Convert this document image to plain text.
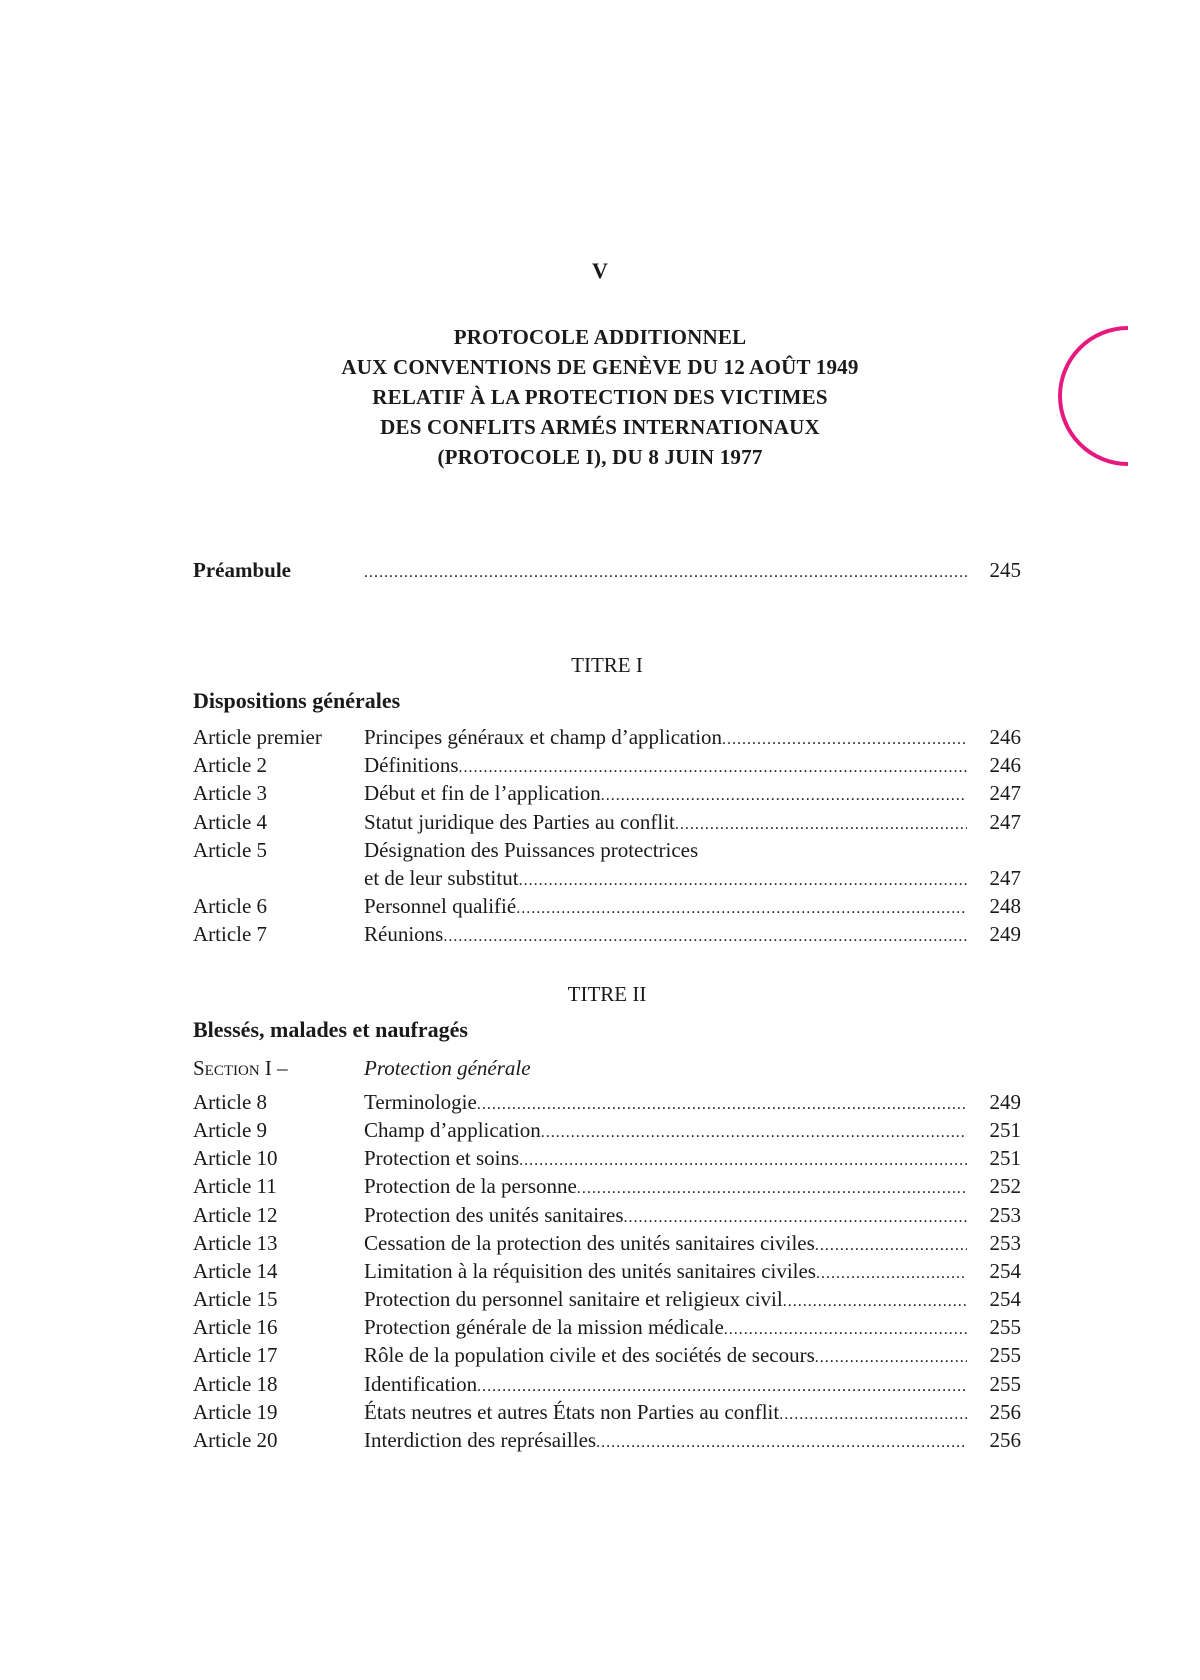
V
PROTOCOLE ADDITIONNEL
AUX CONVENTIONS DE GENÈVE DU 12 AOÛT 1949
RELATIF À LA PROTECTION DES VICTIMES
DES CONFLITS ARMÉS INTERNATIONAUX
(PROTOCOLE I), DU 8 JUIN 1977
Préambule .....	245
TITRE I
Dispositions générales
Article premier Principes généraux et champ d’application .....	246
Article 2	Définitions .....	246
Article 3	Début et fin de l’application .....	247
Article 4	Statut juridique des Parties au conflit .....	247
Article 5	Désignation des Puissances protectrices
et de leur substitut .....	247
Article 6	Personnel qualifié .....	248
Article 7	Réunions .....	249
TITRE II
Blessés, malades et naufragés
Section I –	Protection générale
Article 8	Terminologie .....	249
Article 9	Champ d’application .....	251
Article 10	Protection et soins .....	251
Article 11	Protection de la personne .....	252
Article 12	Protection des unités sanitaires .....	253
Article 13	Cessation de la protection des unités sanitaires civiles .....	253
Article 14	Limitation à la réquisition des unités sanitaires civiles .....	254
Article 15	Protection du personnel sanitaire et religieux civil .....	254
Article 16	Protection générale de la mission médicale .....	255
Article 17	Rôle de la population civile et des sociétés de secours .....	255
Article 18	Identification .....	255
Article 19	États neutres et autres États non Parties au conflit .....	256
Article 20	Interdiction des représailles .....	256
